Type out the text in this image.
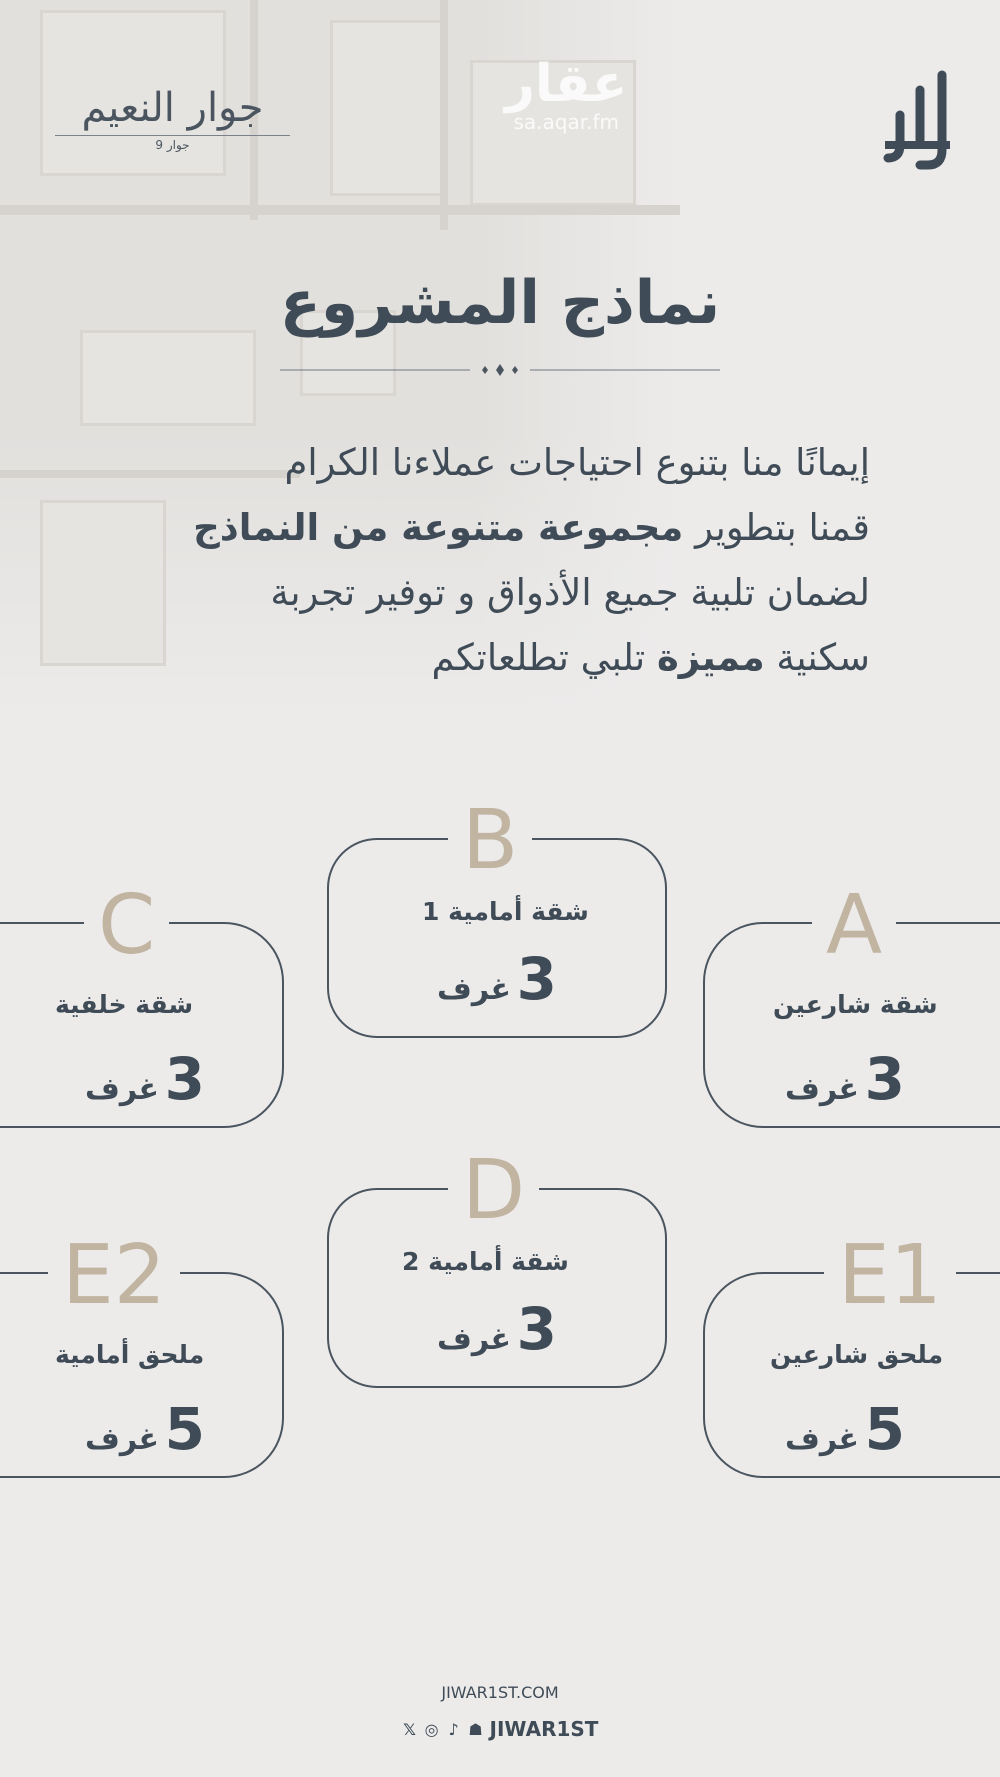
جوار النعيم
جوار 9
عقار
sa.aqar.fm
نماذج المشروع
إيمانًا منا بتنوع احتياجات عملاءنا الكرام
قمنا بتطوير مجموعة متنوعة من النماذج
لضمان تلبية جميع الأذواق و توفير تجربة
سكنية مميزة تلبي تطلعاتكم
A
شقة شارعين
3 غرف
B
شقة أمامية 1
3 غرف
C
شقة خلفية
3 غرف
E1
ملحق شارعين
5 غرف
D
شقة أمامية 2
3 غرف
E2
ملحق أمامية
5 غرف
JIWAR1ST.COM
𝕏 ◎ ♪ ☗ JIWAR1ST
